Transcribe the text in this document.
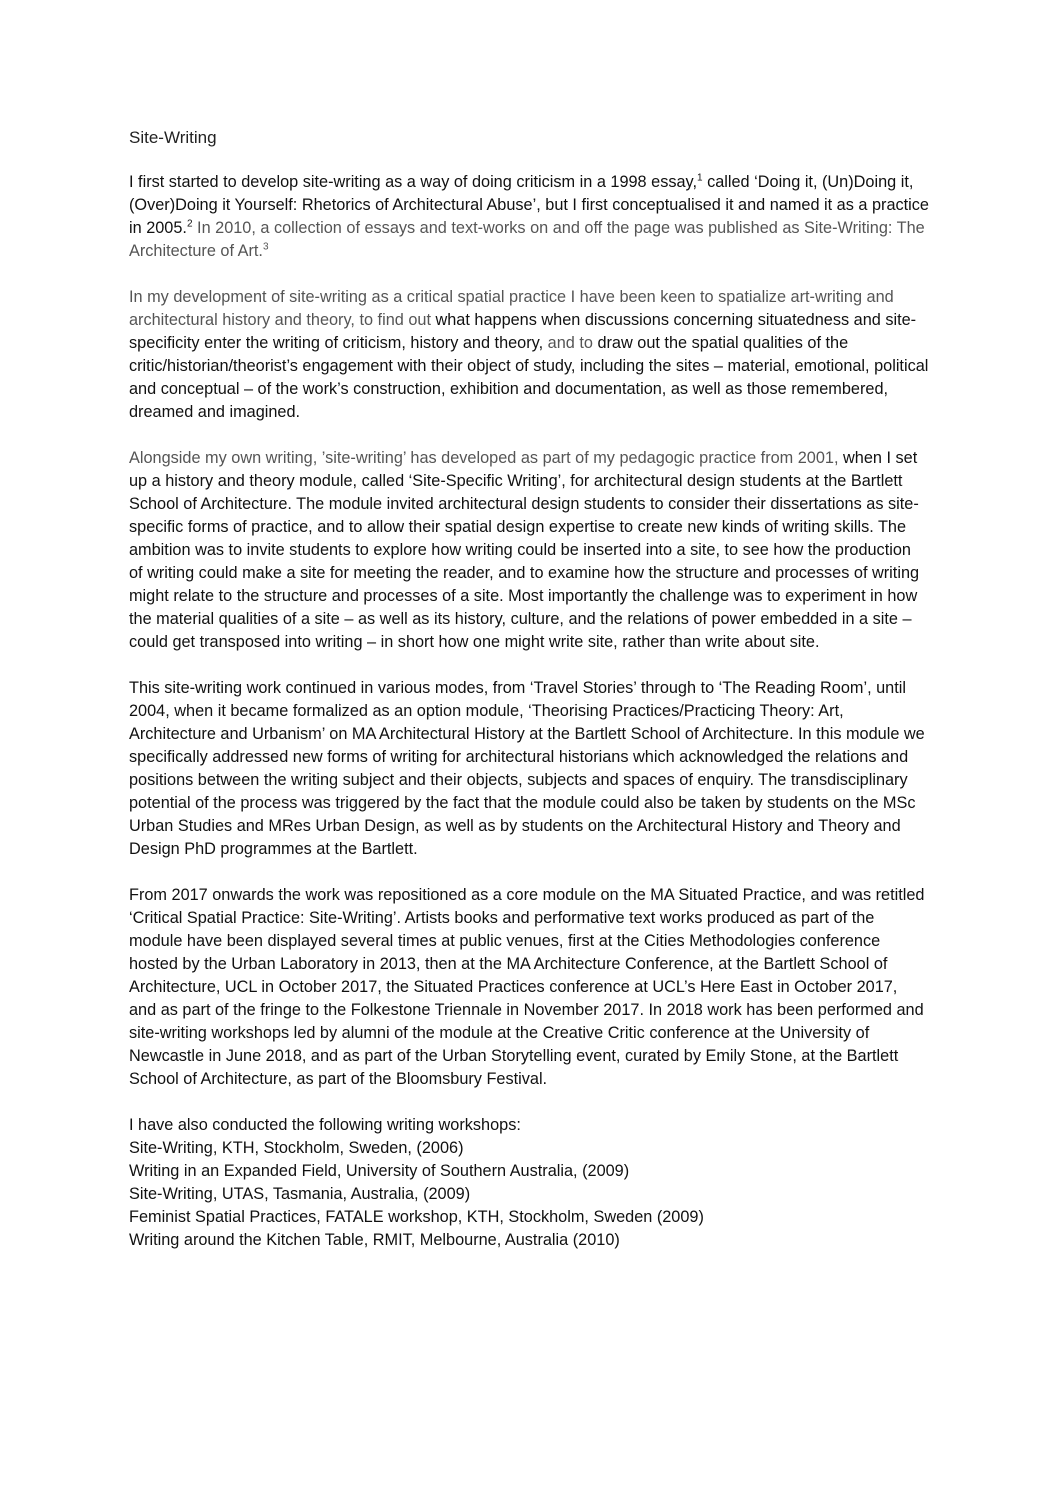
Site-Writing

I first started to develop site-writing as a way of doing criticism in a 1998 essay,$^1$ called ‘Doing it, (Un)Doing it, (Over)Doing it Yourself: Rhetorics of Architectural Abuse’, but I first conceptualised it and named it as a practice in 2005.$^2$ In 2010, a collection of essays and text-works on and off the page was published as Site-Writing: The Architecture of Art.$^3$

In my development of site-writing as a critical spatial practice I have been keen to spatialize art-writing and architectural history and theory, to find out what happens when discussions concerning situatedness and site-specificity enter the writing of criticism, history and theory, and to draw out the spatial qualities of the critic/historian/theorist’s engagement with their object of study, including the sites – material, emotional, political and conceptual – of the work’s construction, exhibition and documentation, as well as those remembered, dreamed and imagined.

Alongside my own writing, ’site-writing’ has developed as part of my pedagogic practice from 2001, when I set up a history and theory module, called ‘Site-Specific Writing’, for architectural design students at the Bartlett School of Architecture. The module invited architectural design students to consider their dissertations as site-specific forms of practice, and to allow their spatial design expertise to create new kinds of writing skills. The ambition was to invite students to explore how writing could be inserted into a site, to see how the production of writing could make a site for meeting the reader, and to examine how the structure and processes of writing might relate to the structure and processes of a site. Most importantly the challenge was to experiment in how the material qualities of a site – as well as its history, culture, and the relations of power embedded in a site – could get transposed into writing – in short how one might write site, rather than write about site.

This site-writing work continued in various modes, from ‘Travel Stories’ through to ‘The Reading Room’, until 2004, when it became formalized as an option module, ‘Theorising Practices/Practicing Theory: Art, Architecture and Urbanism’ on MA Architectural History at the Bartlett School of Architecture. In this module we specifically addressed new forms of writing for architectural historians which acknowledged the relations and positions between the writing subject and their objects, subjects and spaces of enquiry. The transdisciplinary potential of the process was triggered by the fact that the module could also be taken by students on the MSc Urban Studies and MRes Urban Design, as well as by students on the Architectural History and Theory and Design PhD programmes at the Bartlett.

From 2017 onwards the work was repositioned as a core module on the MA Situated Practice, and was retitled ‘Critical Spatial Practice: Site-Writing’. Artists books and performative text works produced as part of the module have been displayed several times at public venues, first at the Cities Methodologies conference hosted by the Urban Laboratory in 2013, then at the MA Architecture Conference, at the Bartlett School of Architecture, UCL in October 2017, the Situated Practices conference at UCL’s Here East in October 2017, and as part of the fringe to the Folkestone Triennale in November 2017. In 2018 work has been performed and site-writing workshops led by alumni of the module at the Creative Critic conference at the University of Newcastle in June 2018, and as part of the Urban Storytelling event, curated by Emily Stone, at the Bartlett School of Architecture, as part of the Bloomsbury Festival.

I have also conducted the following writing workshops:

Site-Writing, KTH, Stockholm, Sweden, (2006)

Writing in an Expanded Field, University of Southern Australia, (2009)

Site-Writing, UTAS, Tasmania, Australia, (2009)

Feminist Spatial Practices, FATALE workshop, KTH, Stockholm, Sweden (2009)

Writing around the Kitchen Table, RMIT, Melbourne, Australia (2010)
